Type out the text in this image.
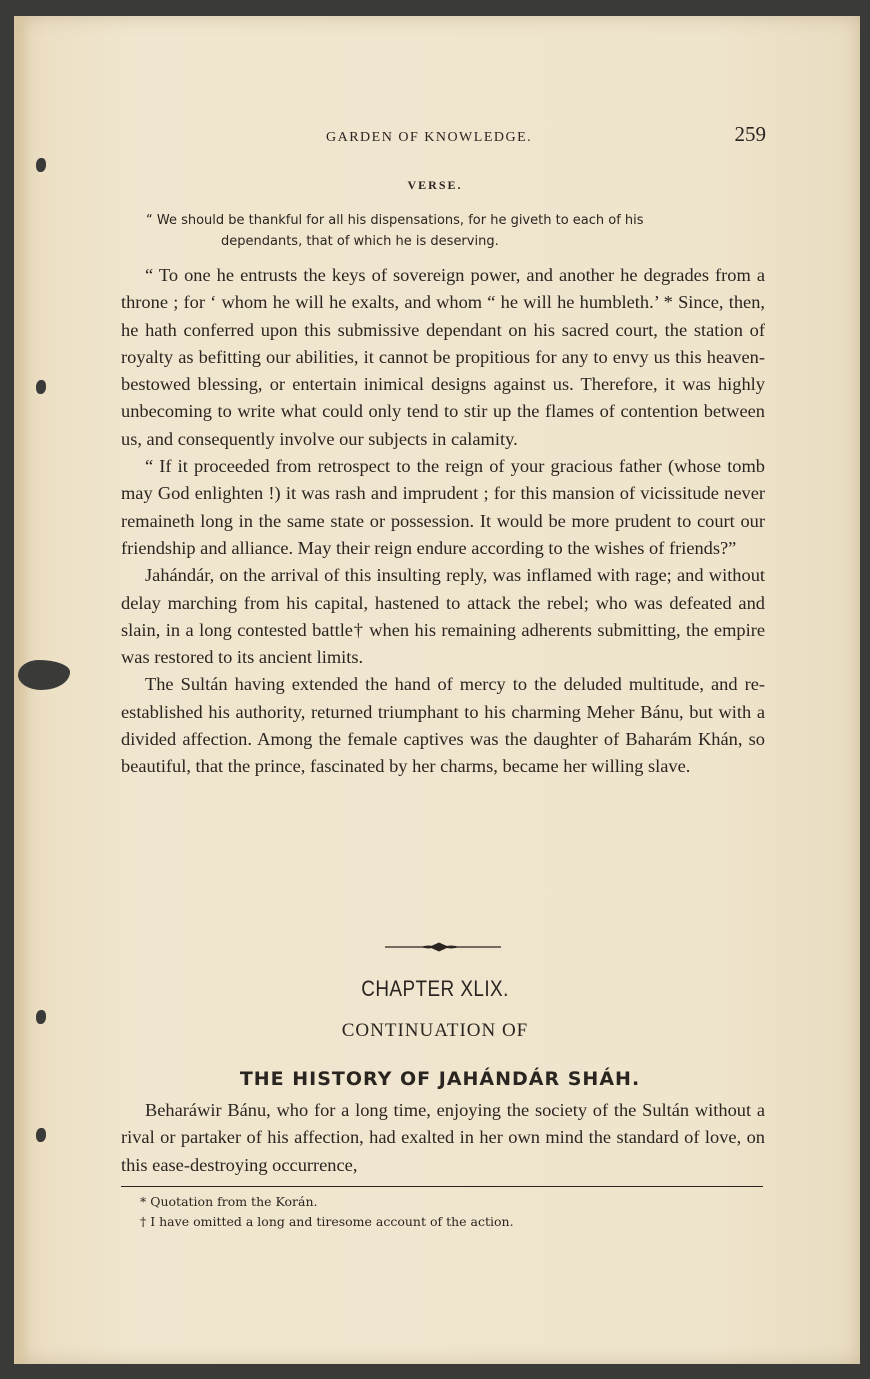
GARDEN OF KNOWLEDGE.	259
VERSE.
“ We should be thankful for all his dispensations, for he giveth to each of his
dependants, that of which he is deserving.

“ To one he entrusts the keys of sovereign power, and another he degrades from a throne ; for ‘ whom he will he exalts, and whom “ he will he humbleth.’ * Since, then, he hath conferred upon this submissive dependant on his sacred court, the station of royalty as befitting our abilities, it cannot be propitious for any to envy us this heaven-bestowed blessing, or entertain inimical designs against us. Therefore, it was highly unbecoming to write what could only tend to stir up the flames of contention between us, and consequently involve our subjects in calamity.

“ If it proceeded from retrospect to the reign of your gracious father (whose tomb may God enlighten !) it was rash and imprudent ; for this mansion of vicissitude never remaineth long in the same state or possession. It would be more prudent to court our friendship and alliance. May their reign endure according to the wishes of friends?”

Jahándár, on the arrival of this insulting reply, was inflamed with rage; and without delay marching from his capital, hastened to attack the rebel; who was defeated and slain, in a long contested battle† when his remaining adherents submitting, the empire was restored to its ancient limits.

The Sultán having extended the hand of mercy to the deluded multitude, and re-established his authority, returned triumphant to his charming Meher Bánu, but with a divided affection. Among the female captives was the daughter of Baharám Khán, so beautiful, that the prince, fascinated by her charms, became her willing slave.

CHAPTER XLIX.
CONTINUATION OF
THE HISTORY OF JAHÁNDÁR SHÁH.

Beharáwir Bánu, who for a long time, enjoying the society of the Sultán without a rival or partaker of his affection, had exalted in her own mind the standard of love, on this ease-destroying occurrence,

* Quotation from the Korán.
† I have omitted a long and tiresome account of the action.
